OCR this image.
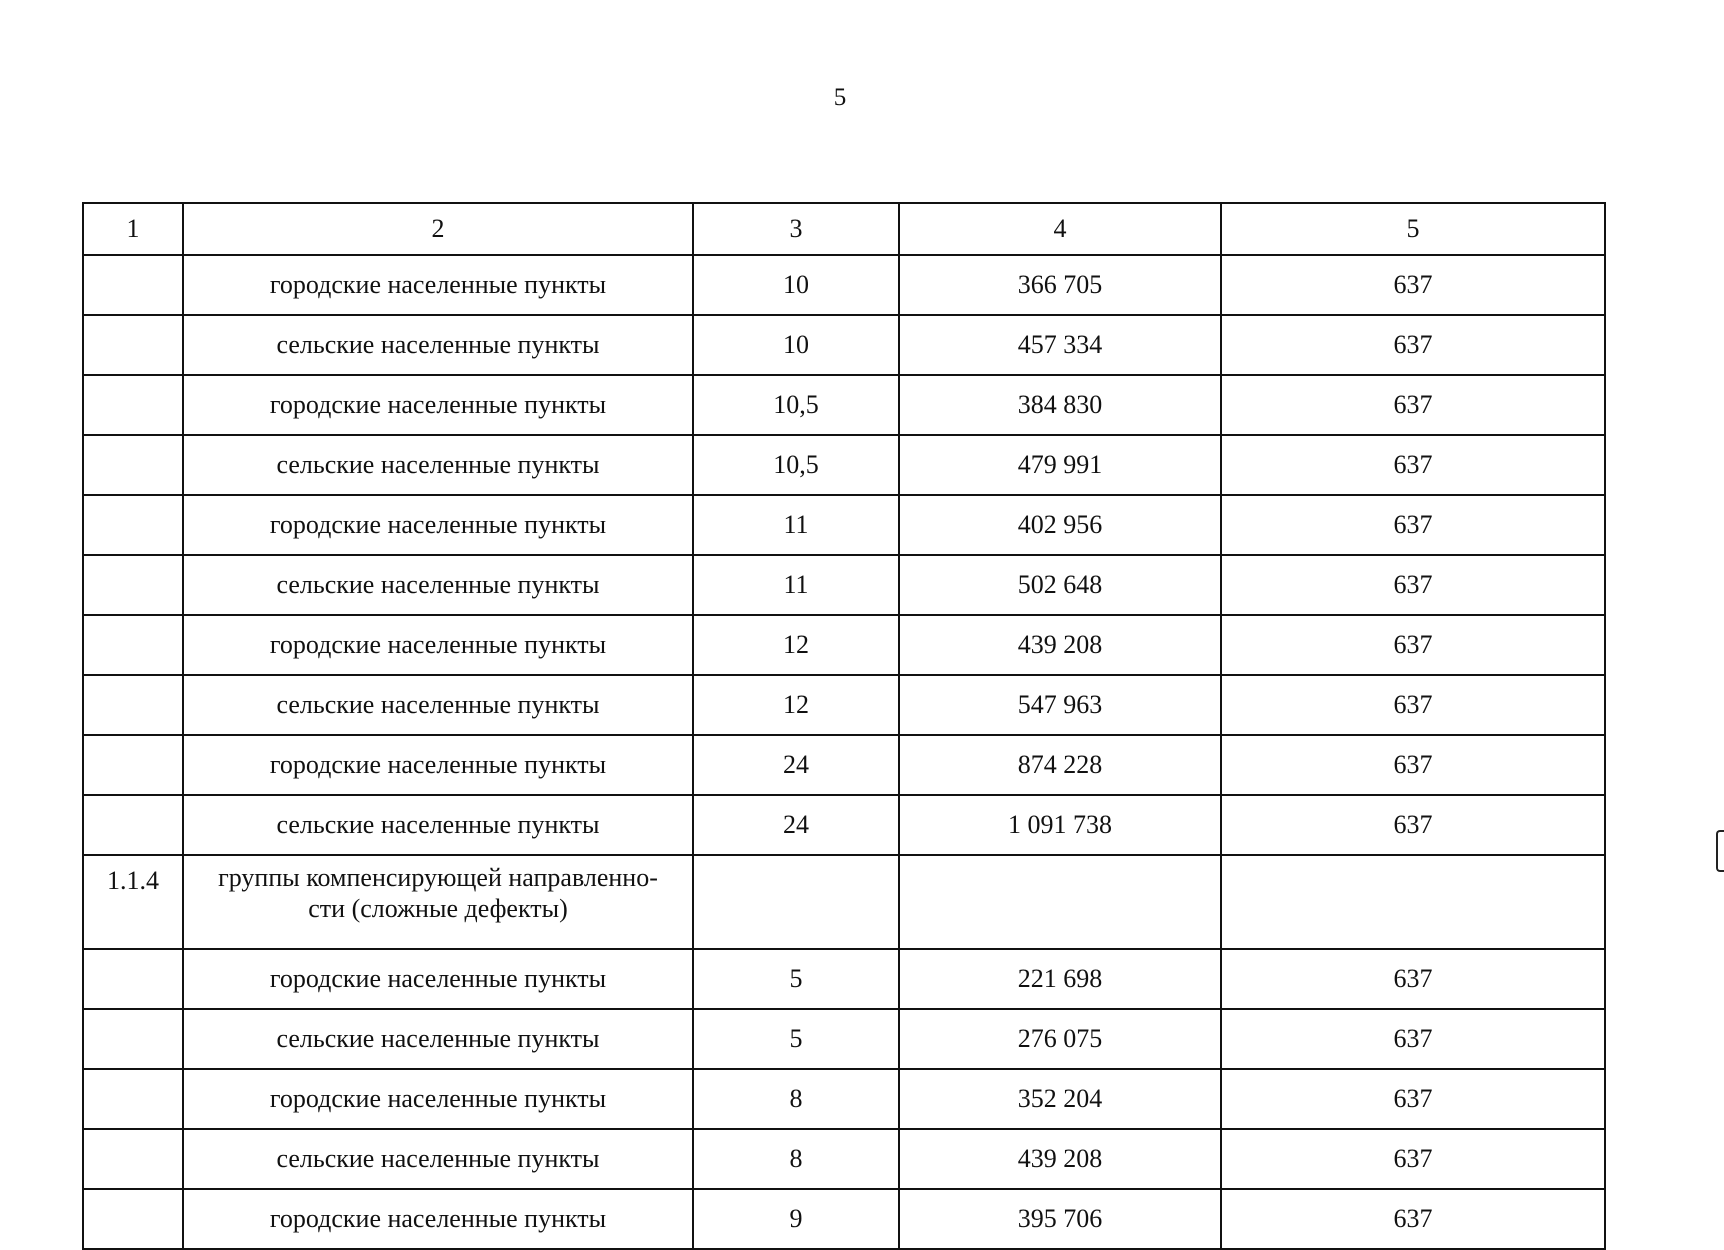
5
1	2	3	4	5
	городские населенные пункты	10	366 705	637
	сельские населенные пункты	10	457 334	637
	городские населенные пункты	10,5	384 830	637
	сельские населенные пункты	10,5	479 991	637
	городские населенные пункты	11	402 956	637
	сельские населенные пункты	11	502 648	637
	городские населенные пункты	12	439 208	637
	сельские населенные пункты	12	547 963	637
	городские населенные пункты	24	874 228	637
	сельские населенные пункты	24	1 091 738	637
1.1.4	группы компенсирующей направленно-
сти (сложные дефекты)			
	городские населенные пункты	5	221 698	637
	сельские населенные пункты	5	276 075	637
	городские населенные пункты	8	352 204	637
	сельские населенные пункты	8	439 208	637
	городские населенные пункты	9	395 706	637
